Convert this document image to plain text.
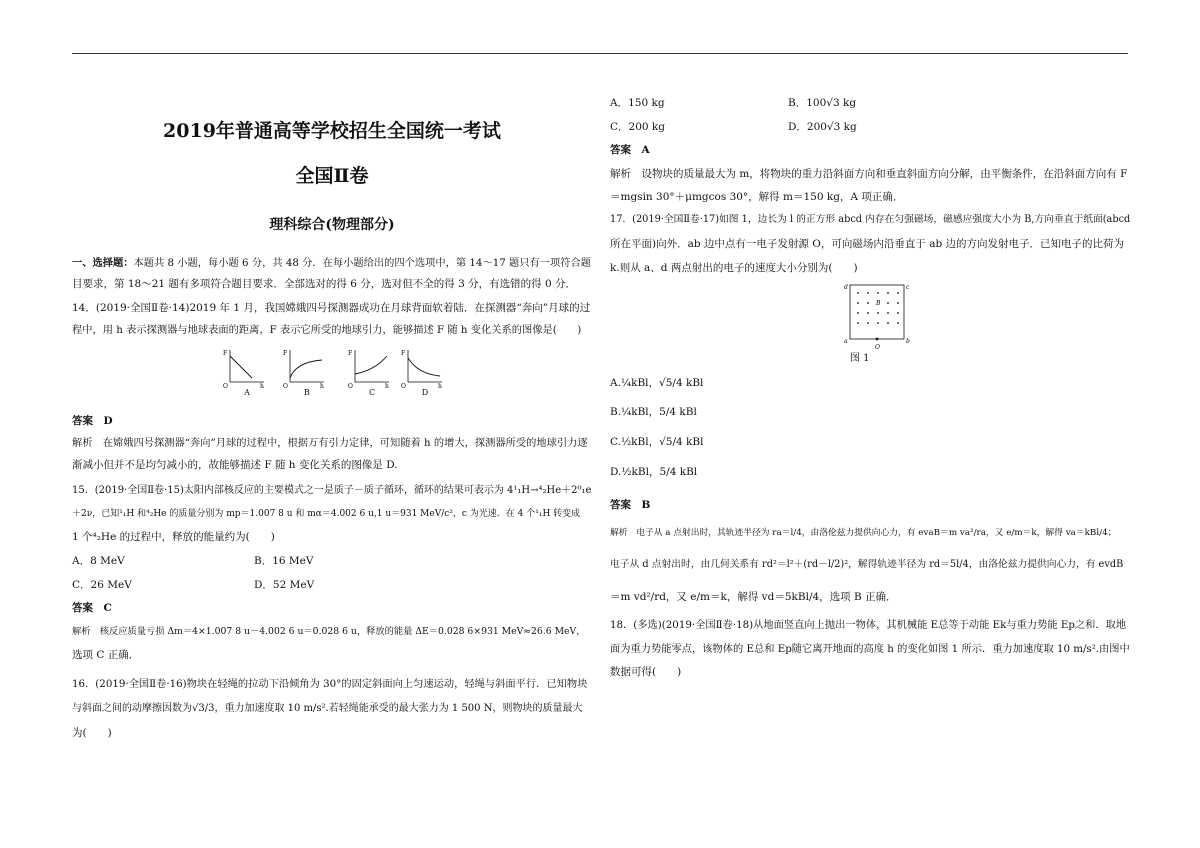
2019年普通高等学校招生全国统一考试
全国Ⅱ卷
理科综合(物理部分)

一、选择题：本题共 8 小题，每小题 6 分，共 48 分．在每小题给出的四个选项中，第 14～17 题只有一项符合题

目要求，第 18～21 题有多项符合题目要求．全部选对的得 6 分，选对但不全的得 3 分，有选错的得 0 分．

14．(2019·全国Ⅱ卷·14)2019 年 1 月，我国嫦娥四号探测器成功在月球背面软着陆．在探测器“奔向”月球的过

程中，用 h 表示探测器与地球表面的距离，F 表示它所受的地球引力，能够描述 F 随 h 变化关系的图像是(　　)

F
h
O
A
F
h
O
B
F
h
O
C
F
h
O
D

答案　D

解析　在嫦娥四号探测器“奔向”月球的过程中，根据万有引力定律，可知随着 h 的增大，探测器所受的地球引力逐

渐减小但并不是均匀减小的，故能够描述 F 随 h 变化关系的图像是 D.

15．(2019·全国Ⅱ卷·15)太阳内部核反应的主要模式之一是质子－质子循环，循环的结果可表示为 4¹₁H→⁴₂He＋2⁰₁e

＋2ν，已知¹₁H 和⁴₂He 的质量分别为 mp＝1.007 8 u 和 mα＝4.002 6 u,1 u＝931 MeV/c²，c 为光速．在 4 个¹₁H 转变成

1 个⁴₂He 的过程中，释放的能量约为(　　)

A．8 MeV	B．16 MeV
C．26 MeV	D．52 MeV

答案　C

解析　核反应质量亏损 Δm＝4×1.007 8 u－4.002 6 u＝0.028 6 u，释放的能量 ΔE＝0.028 6×931 MeV≈26.6 MeV，

选项 C 正确．

16．(2019·全国Ⅱ卷·16)物块在轻绳的拉动下沿倾角为 30°的固定斜面向上匀速运动，轻绳与斜面平行．已知物块

与斜面之间的动摩擦因数为√3/3，重力加速度取 10 m/s².若轻绳能承受的最大张力为 1 500 N，则物块的质量最大

为(　　)

A．150 kg	B．100√3 kg
C．200 kg	D．200√3 kg

答案　A

解析　设物块的质量最大为 m，将物块的重力沿斜面方向和垂直斜面方向分解，由平衡条件，在沿斜面方向有 F

＝mgsin 30°＋μmgcos 30°，解得 m＝150 kg，A 项正确．

17．(2019·全国Ⅱ卷·17)如图 1，边长为 l 的正方形 abcd 内存在匀强磁场，磁感应强度大小为 B,方向垂直于纸面(abcd

所在平面)向外．ab 边中点有一电子发射源 O，可向磁场内沿垂直于 ab 边的方向发射电子．已知电子的比荷为

k.则从 a、d 两点射出的电子的速度大小分别为(　　)

B
d	c
a	b
O
图 1

A.¼kBl，√5/4 kBl

B.¼kBl，5/4 kBl

C.½kBl，√5/4 kBl

D.½kBl，5/4 kBl

答案　B

解析　电子从 a 点射出时，其轨迹半径为 ra＝l/4，由洛伦兹力提供向心力，有 evaB＝m va²/ra，又 e/m＝k，解得 va＝kBl/4；

电子从 d 点射出时，由几何关系有 rd²＝l²＋(rd－l/2)²，解得轨迹半径为 rd＝5l/4，由洛伦兹力提供向心力，有 evdB

＝m vd²/rd，又 e/m＝k，解得 vd＝5kBl/4，选项 B 正确．

18．(多选)(2019·全国Ⅱ卷·18)从地面竖直向上抛出一物体，其机械能 E总等于动能 Ek与重力势能 Ep之和．取地

面为重力势能零点，该物体的 E总和 Ep随它离开地面的高度 h 的变化如图 1 所示．重力加速度取 10 m/s².由图中

数据可得(　　)
